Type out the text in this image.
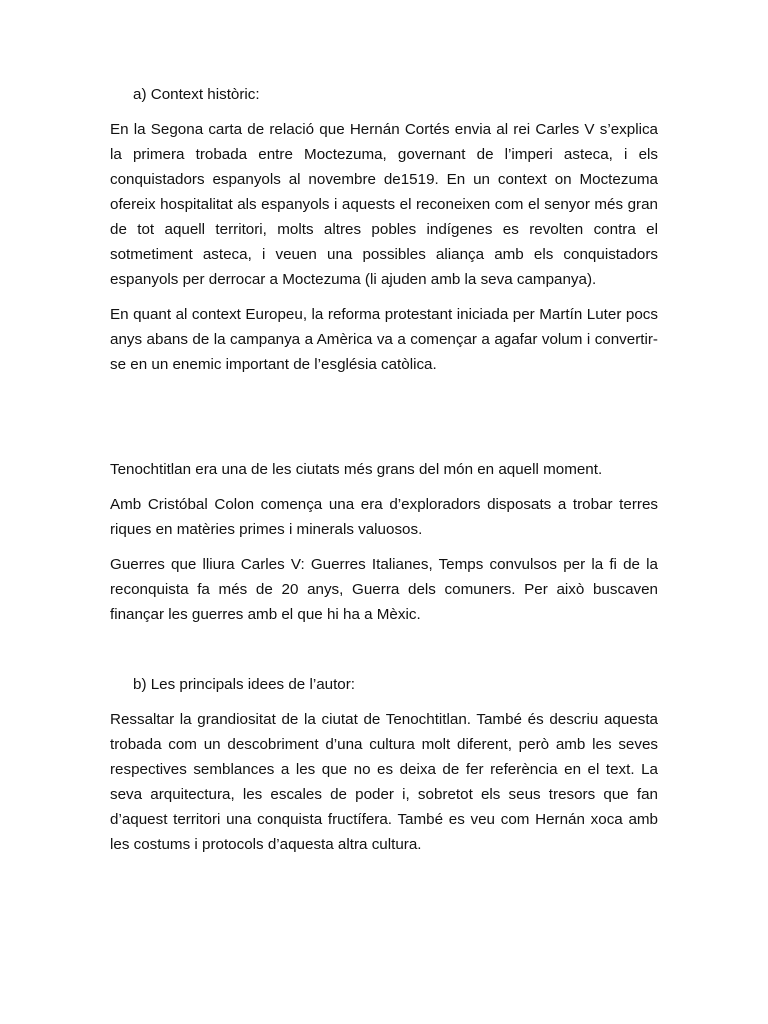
a) Context històric:

En la Segona carta de relació que Hernán Cortés envia al rei Carles V s’explica la primera trobada entre Moctezuma, governant de l’imperi asteca, i els conquistadors espanyols al novembre de1519. En un context on Moctezuma ofereix hospitalitat als espanyols i aquests el reconeixen com el senyor més gran de tot aquell territori, molts altres pobles indígenes es revolten contra el sotmetiment asteca, i veuen una possibles aliança amb els conquistadors espanyols per derrocar a Moctezuma (li ajuden amb la seva campanya).

En quant al context Europeu, la reforma protestant iniciada per Martín Luter pocs anys abans de la campanya a Amèrica va a començar a agafar volum i convertir-se en un enemic important de l’església catòlica.

Tenochtitlan era una de les ciutats més grans del món en aquell moment.

Amb Cristóbal Colon comença una era d’exploradors disposats a trobar terres riques en matèries primes i minerals valuosos.

Guerres que lliura Carles V: Guerres Italianes, Temps convulsos per la fi de la reconquista fa més de 20 anys, Guerra dels comuners. Per això buscaven finançar les guerres amb el que hi ha a Mèxic.

b) Les principals idees de l’autor:

Ressaltar la grandiositat de la ciutat de Tenochtitlan. També és descriu aquesta trobada com un descobriment d’una cultura molt diferent, però amb les seves respectives semblances a les que no es deixa de fer referència en el text. La seva arquitectura, les escales de poder i, sobretot els seus tresors que fan d’aquest territori una conquista fructífera. També es veu com Hernán xoca amb les costums i protocols d’aquesta altra cultura.
